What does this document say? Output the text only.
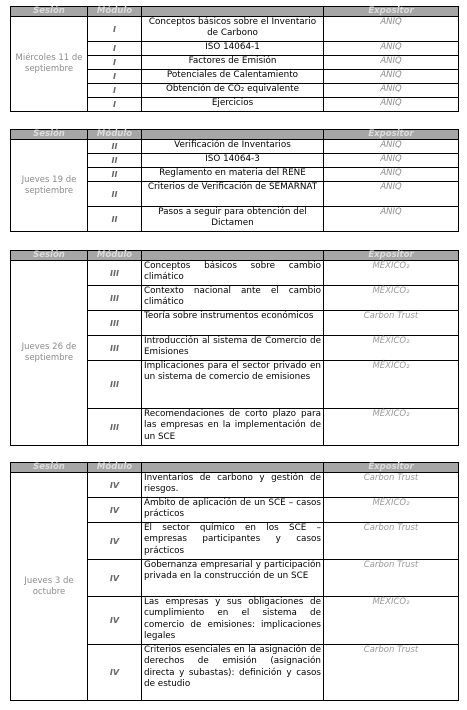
Sesión	Módulo		Expositor
Miércoles 11 de septiembre	I	Conceptos básicos sobre el Inventario de Carbono	ANIQ
	I	ISO 14064-1	ANIQ
	I	Factores de Emisión	ANIQ
	I	Potenciales de Calentamiento	ANIQ
	I	Obtención de CO₂ equivalente	ANIQ
	I	Ejercicios	ANIQ
Sesión	Módulo		Expositor
Jueves 19 de septiembre	II	Verificación de Inventarios	ANIQ
	II	ISO 14064-3	ANIQ
	II	Reglamento en materia del RENE	ANIQ
	II	Criterios de Verificación de SEMARNAT	ANIQ
	II	Pasos a seguir para obtención del Dictamen	ANIQ
Sesión	Módulo		Expositor
Jueves 26 de septiembre	III	Conceptos básicos sobre cambio climático	MÉXICO₂
	III	Contexto nacional ante el cambio climático	MÉXICO₂
	III	Teoría sobre instrumentos económicos	Carbon Trust
	III	Introducción al sistema de Comercio de Emisiones	MÉXICO₂
	III	Implicaciones para el sector privado en un sistema de comercio de emisiones	MÉXICO₂
	III	Recomendaciones de corto plazo para las empresas en la implementación de un SCE	MÉXICO₂
Sesión	Módulo		Expositor
Jueves 3 de octubre	IV	Inventarios de carbono y gestión de riesgos.	Carbon Trust
	IV	Ámbito de aplicación de un SCE – casos prácticos	MÉXICO₂
	IV	El sector químico en los SCE – empresas participantes y casos prácticos	Carbon Trust
	IV	Gobernanza empresarial y participación privada en la construcción de un SCE	Carbon Trust
	IV	Las empresas y sus obligaciones de cumplimiento en el sistema de comercio de emisiones: implicaciones legales	MÉXICO₂
	IV	Criterios esenciales en la asignación de derechos de emisión (asignación directa y subastas): definición y casos de estudio	Carbon Trust
